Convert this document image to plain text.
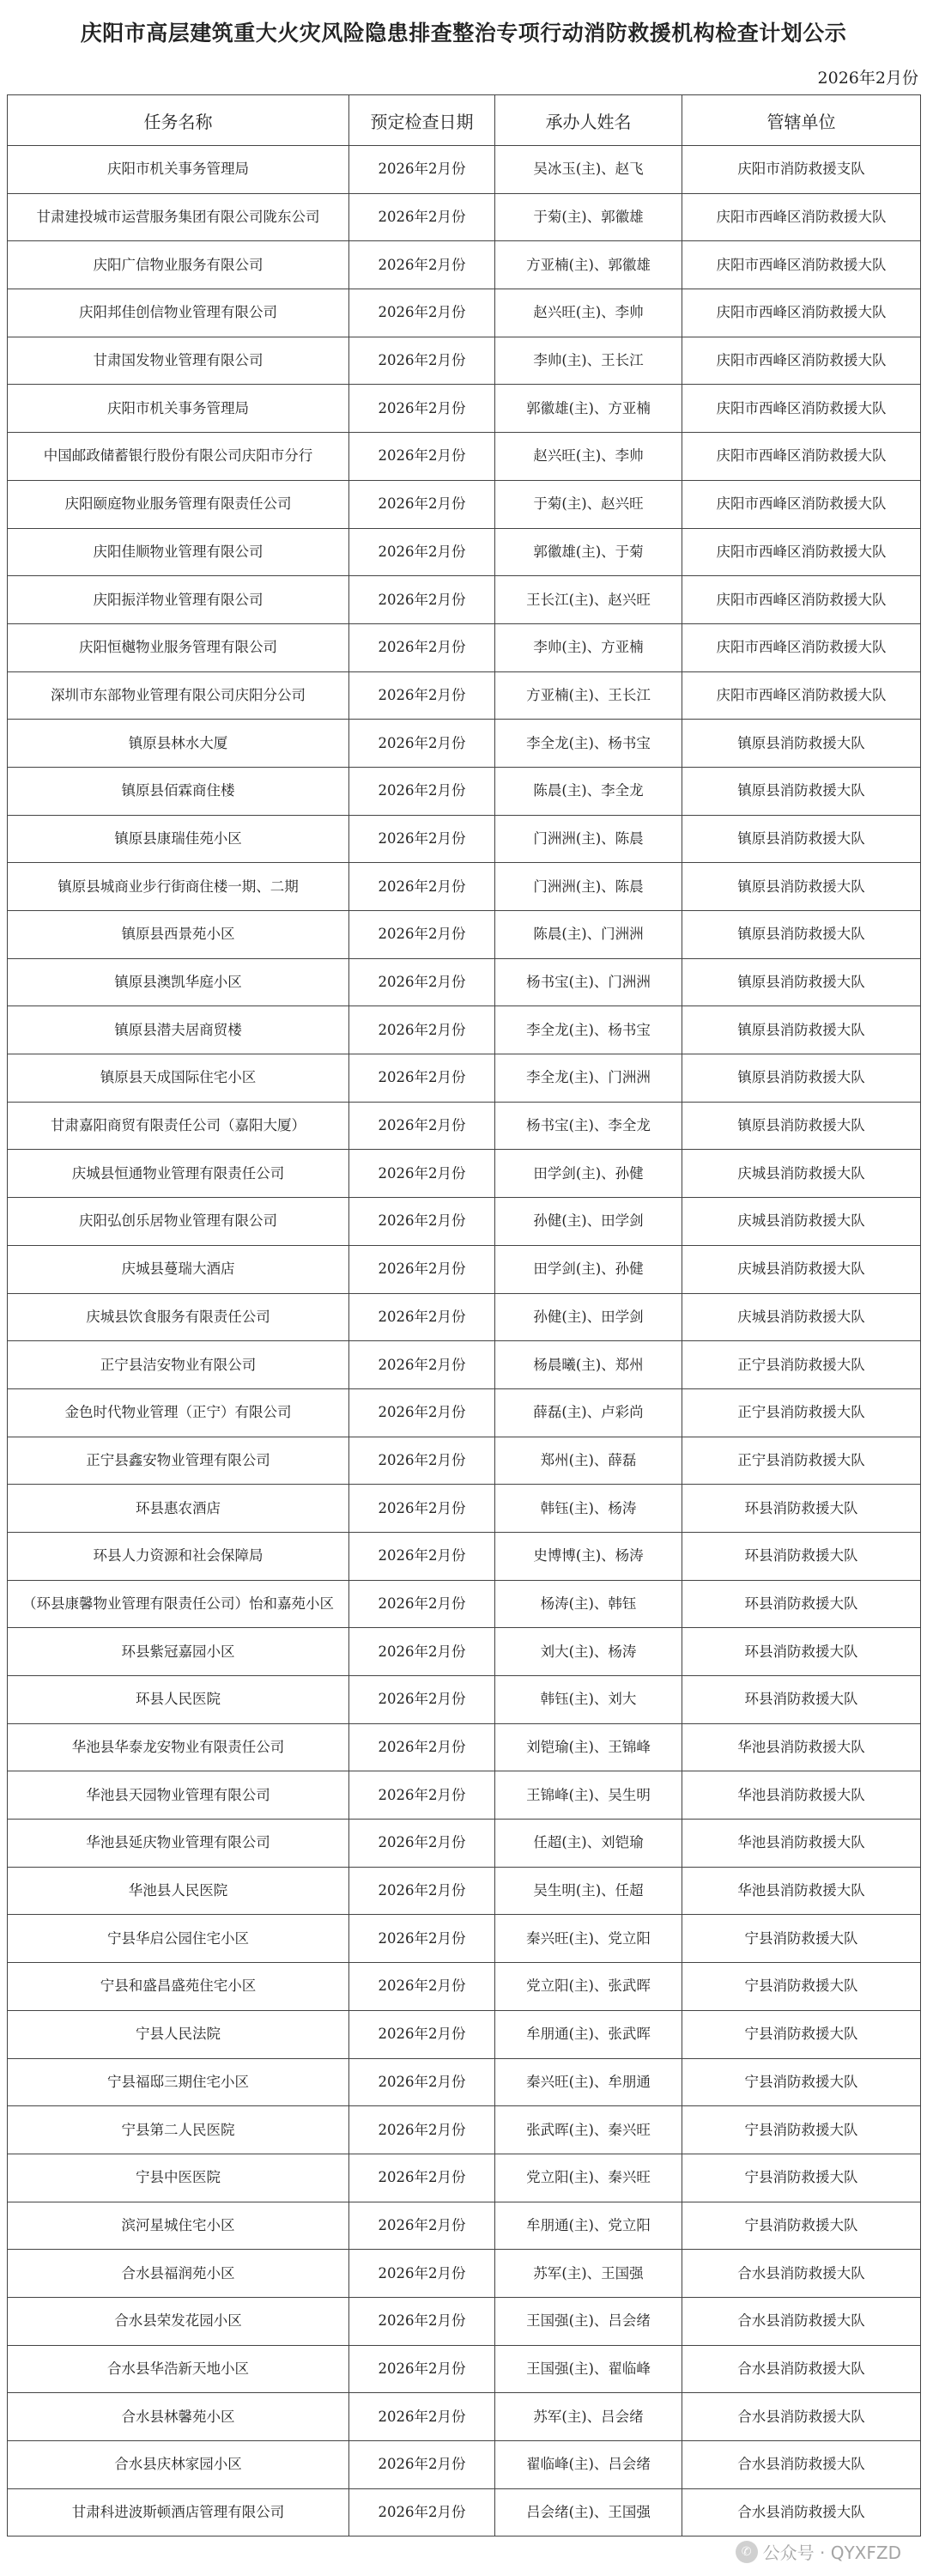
庆阳市高层建筑重大火灾风险隐患排查整治专项行动消防救援机构检查计划公示
2026年2月份
任务名称	预定检查日期	承办人姓名	管辖单位
庆阳市机关事务管理局	2026年2月份	吴冰玉(主)、赵飞	庆阳市消防救援支队
甘肃建投城市运营服务集团有限公司陇东公司	2026年2月份	于菊(主)、郭徽雄	庆阳市西峰区消防救援大队
庆阳广信物业服务有限公司	2026年2月份	方亚楠(主)、郭徽雄	庆阳市西峰区消防救援大队
庆阳邦佳创信物业管理有限公司	2026年2月份	赵兴旺(主)、李帅	庆阳市西峰区消防救援大队
甘肃国发物业管理有限公司	2026年2月份	李帅(主)、王长江	庆阳市西峰区消防救援大队
庆阳市机关事务管理局	2026年2月份	郭徽雄(主)、方亚楠	庆阳市西峰区消防救援大队
中国邮政储蓄银行股份有限公司庆阳市分行	2026年2月份	赵兴旺(主)、李帅	庆阳市西峰区消防救援大队
庆阳颐庭物业服务管理有限责任公司	2026年2月份	于菊(主)、赵兴旺	庆阳市西峰区消防救援大队
庆阳佳顺物业管理有限公司	2026年2月份	郭徽雄(主)、于菊	庆阳市西峰区消防救援大队
庆阳振洋物业管理有限公司	2026年2月份	王长江(主)、赵兴旺	庆阳市西峰区消防救援大队
庆阳恒樾物业服务管理有限公司	2026年2月份	李帅(主)、方亚楠	庆阳市西峰区消防救援大队
深圳市东部物业管理有限公司庆阳分公司	2026年2月份	方亚楠(主)、王长江	庆阳市西峰区消防救援大队
镇原县林水大厦	2026年2月份	李全龙(主)、杨书宝	镇原县消防救援大队
镇原县佰霖商住楼	2026年2月份	陈晨(主)、李全龙	镇原县消防救援大队
镇原县康瑞佳苑小区	2026年2月份	门洲洲(主)、陈晨	镇原县消防救援大队
镇原县城商业步行街商住楼一期、二期	2026年2月份	门洲洲(主)、陈晨	镇原县消防救援大队
镇原县西景苑小区	2026年2月份	陈晨(主)、门洲洲	镇原县消防救援大队
镇原县澳凯华庭小区	2026年2月份	杨书宝(主)、门洲洲	镇原县消防救援大队
镇原县潜夫居商贸楼	2026年2月份	李全龙(主)、杨书宝	镇原县消防救援大队
镇原县天成国际住宅小区	2026年2月份	李全龙(主)、门洲洲	镇原县消防救援大队
甘肃嘉阳商贸有限责任公司（嘉阳大厦）	2026年2月份	杨书宝(主)、李全龙	镇原县消防救援大队
庆城县恒通物业管理有限责任公司	2026年2月份	田学剑(主)、孙健	庆城县消防救援大队
庆阳弘创乐居物业管理有限公司	2026年2月份	孙健(主)、田学剑	庆城县消防救援大队
庆城县蔓瑞大酒店	2026年2月份	田学剑(主)、孙健	庆城县消防救援大队
庆城县饮食服务有限责任公司	2026年2月份	孙健(主)、田学剑	庆城县消防救援大队
正宁县洁安物业有限公司	2026年2月份	杨晨曦(主)、郑州	正宁县消防救援大队
金色时代物业管理（正宁）有限公司	2026年2月份	薛磊(主)、卢彩尚	正宁县消防救援大队
正宁县鑫安物业管理有限公司	2026年2月份	郑州(主)、薛磊	正宁县消防救援大队
环县惠农酒店	2026年2月份	韩钰(主)、杨涛	环县消防救援大队
环县人力资源和社会保障局	2026年2月份	史博博(主)、杨涛	环县消防救援大队
（环县康馨物业管理有限责任公司）怡和嘉苑小区	2026年2月份	杨涛(主)、韩钰	环县消防救援大队
环县紫冠嘉园小区	2026年2月份	刘大(主)、杨涛	环县消防救援大队
环县人民医院	2026年2月份	韩钰(主)、刘大	环县消防救援大队
华池县华泰龙安物业有限责任公司	2026年2月份	刘铠瑜(主)、王锦峰	华池县消防救援大队
华池县天园物业管理有限公司	2026年2月份	王锦峰(主)、吴生明	华池县消防救援大队
华池县延庆物业管理有限公司	2026年2月份	任超(主)、刘铠瑜	华池县消防救援大队
华池县人民医院	2026年2月份	吴生明(主)、任超	华池县消防救援大队
宁县华启公园住宅小区	2026年2月份	秦兴旺(主)、党立阳	宁县消防救援大队
宁县和盛昌盛苑住宅小区	2026年2月份	党立阳(主)、张武晖	宁县消防救援大队
宁县人民法院	2026年2月份	牟朋通(主)、张武晖	宁县消防救援大队
宁县福邸三期住宅小区	2026年2月份	秦兴旺(主)、牟朋通	宁县消防救援大队
宁县第二人民医院	2026年2月份	张武晖(主)、秦兴旺	宁县消防救援大队
宁县中医医院	2026年2月份	党立阳(主)、秦兴旺	宁县消防救援大队
滨河星城住宅小区	2026年2月份	牟朋通(主)、党立阳	宁县消防救援大队
合水县福润苑小区	2026年2月份	苏军(主)、王国强	合水县消防救援大队
合水县荣发花园小区	2026年2月份	王国强(主)、吕会绪	合水县消防救援大队
合水县华浩新天地小区	2026年2月份	王国强(主)、翟临峰	合水县消防救援大队
合水县林馨苑小区	2026年2月份	苏军(主)、吕会绪	合水县消防救援大队
合水县庆林家园小区	2026年2月份	翟临峰(主)、吕会绪	合水县消防救援大队
甘肃科进波斯顿酒店管理有限公司	2026年2月份	吕会绪(主)、王国强	合水县消防救援大队
✆ 公众号 · QYXFZD
